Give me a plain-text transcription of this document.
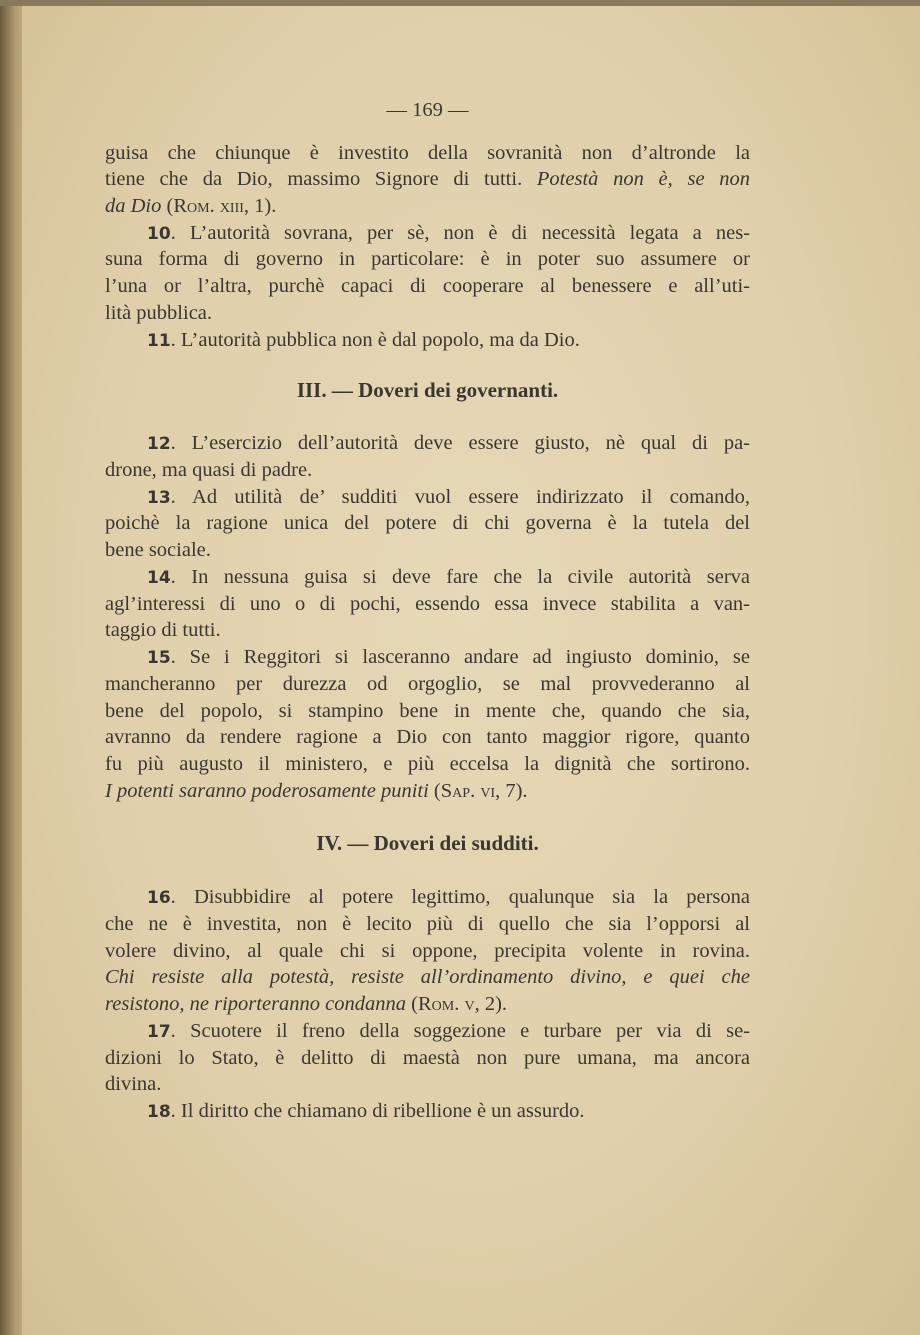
— 169 —
guisa che chiunque è investito della sovranità non d’altronde la
tiene che da Dio, massimo Signore di tutti. Potestà non è, se non
da Dio (Rom. xiii, 1).
10. L’autorità sovrana, per sè, non è di necessità legata a nes-
suna forma di governo in particolare: è in poter suo assumere or
l’una or l’altra, purchè capaci di cooperare al benessere e all’uti-
lità pubblica.
11. L’autorità pubblica non è dal popolo, ma da Dio.
III. — Doveri dei governanti.
12. L’esercizio dell’autorità deve essere giusto, nè qual di pa-
drone, ma quasi di padre.
13. Ad utilità de’ sudditi vuol essere indirizzato il comando,
poichè la ragione unica del potere di chi governa è la tutela del
bene sociale.
14. In nessuna guisa si deve fare che la civile autorità serva
agl’interessi di uno o di pochi, essendo essa invece stabilita a van-
taggio di tutti.
15. Se i Reggitori si lasceranno andare ad ingiusto dominio, se
mancheranno per durezza od orgoglio, se mal provvederanno al
bene del popolo, si stampino bene in mente che, quando che sia,
avranno da rendere ragione a Dio con tanto maggior rigore, quanto
fu più augusto il ministero, e più eccelsa la dignità che sortirono.
I potenti saranno poderosamente puniti (Sap. vi, 7).
IV. — Doveri dei sudditi.
16. Disubbidire al potere legittimo, qualunque sia la persona
che ne è investita, non è lecito più di quello che sia l’opporsi al
volere divino, al quale chi si oppone, precipita volente in rovina.
Chi resiste alla potestà, resiste all’ordinamento divino, e quei che
resistono, ne riporteranno condanna (Rom. v, 2).
17. Scuotere il freno della soggezione e turbare per via di se-
dizioni lo Stato, è delitto di maestà non pure umana, ma ancora
divina.
18. Il diritto che chiamano di ribellione è un assurdo.
